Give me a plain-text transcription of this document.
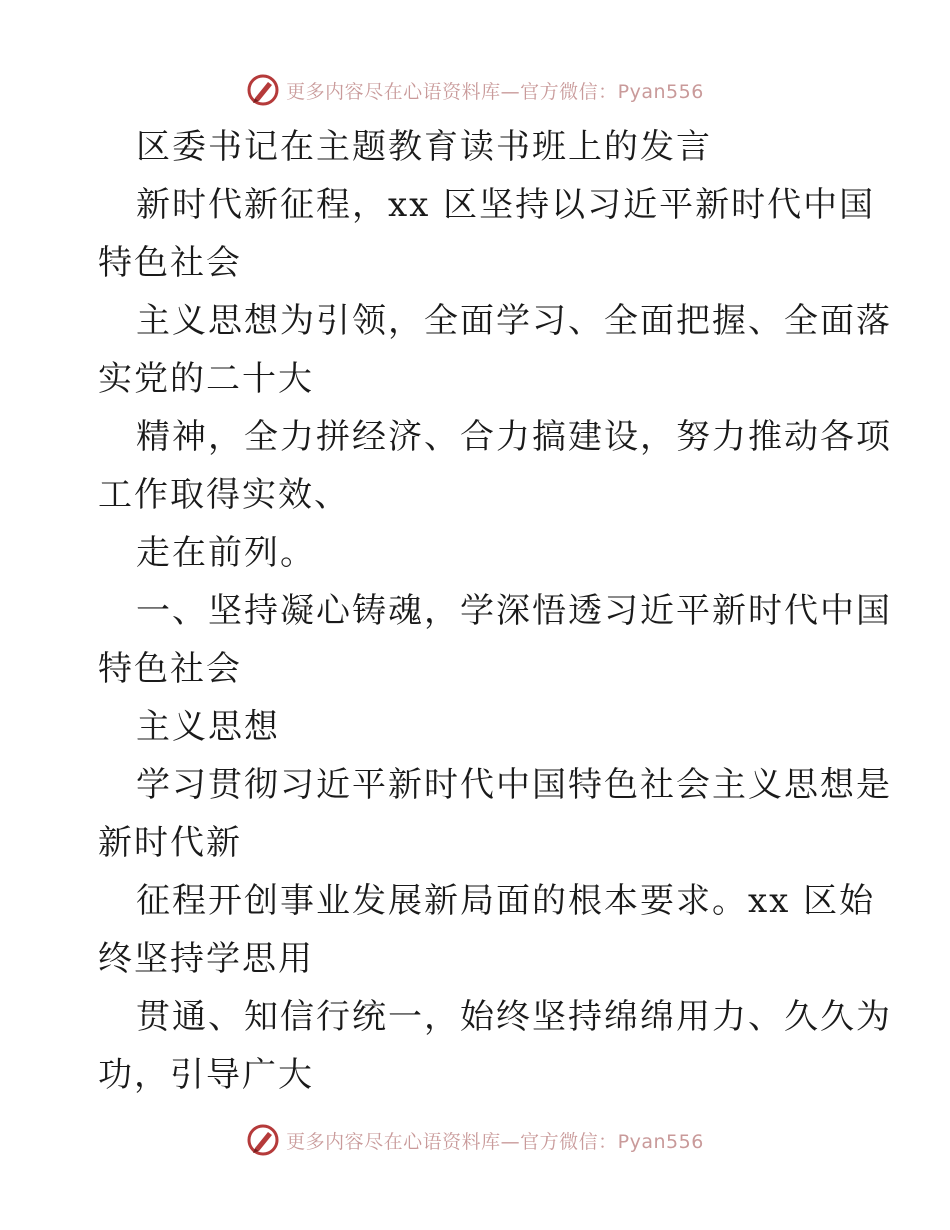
更多内容尽在心语资料库—官方微信：Pyan556
区委书记在主题教育读书班上的发言
新时代新征程，xx 区坚持以习近平新时代中国
特色社会
主义思想为引领，全面学习、全面把握、全面落
实党的二十大
精神，全力拼经济、合力搞建设，努力推动各项
工作取得实效、
走在前列。
一、坚持凝心铸魂，学深悟透习近平新时代中国
特色社会
主义思想
学习贯彻习近平新时代中国特色社会主义思想是
新时代新
征程开创事业发展新局面的根本要求。xx 区始
终坚持学思用
贯通、知信行统一，始终坚持绵绵用力、久久为
功，引导广大
更多内容尽在心语资料库—官方微信：Pyan556
